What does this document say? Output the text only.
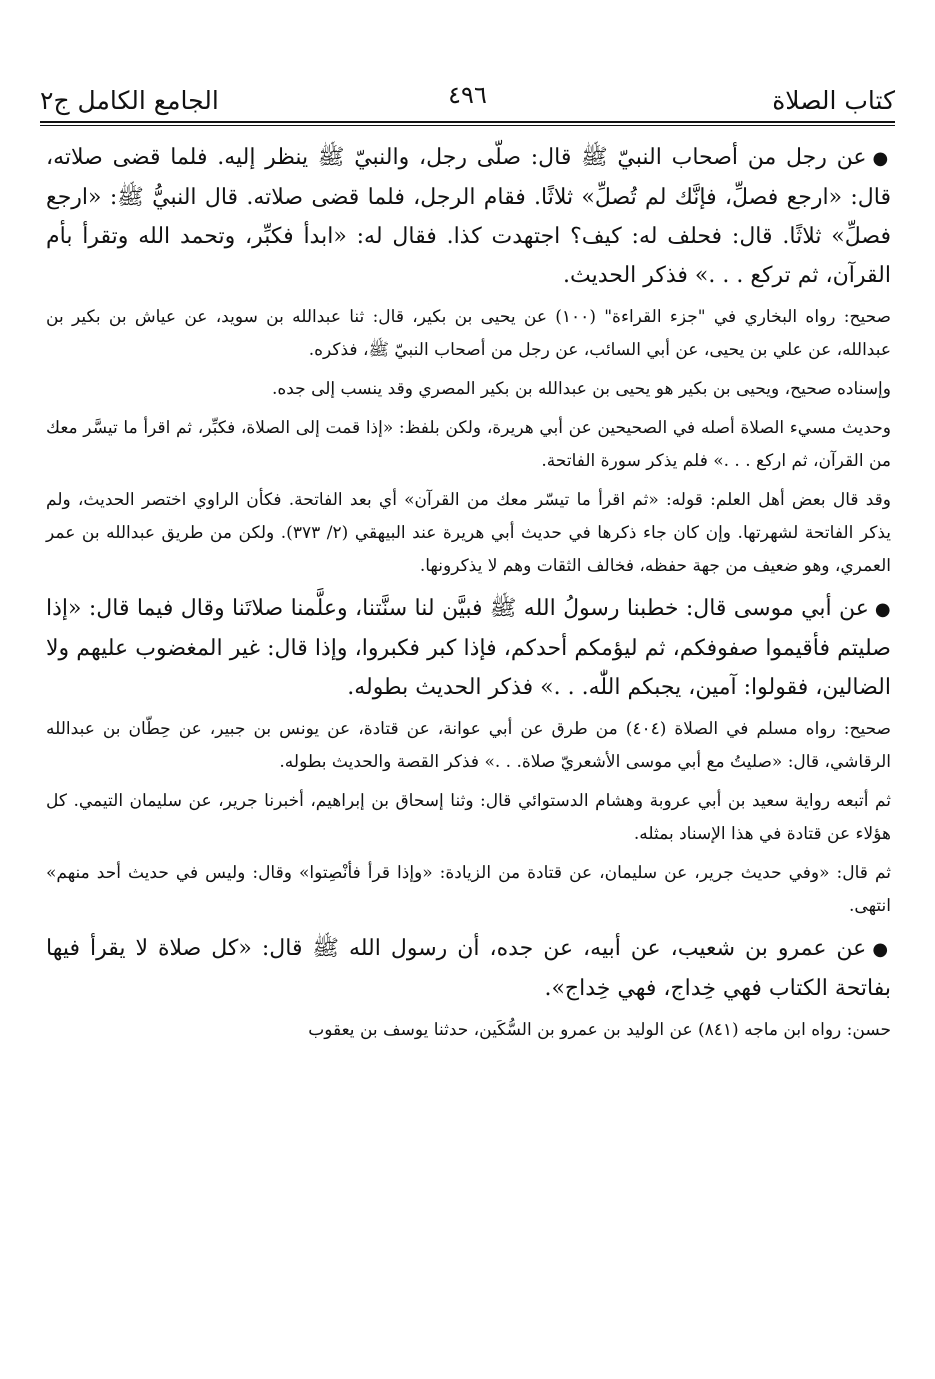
كتاب الصلاة
٤٩٦
الجامع الكامل ج٢

●عن رجل من أصحاب النبيّ ﷺ قال: صلّى رجل، والنبيّ ﷺ ينظر إليه. فلما قضى صلاته، قال: «ارجع فصلِّ، فإنَّك لم تُصلِّ» ثلاثًا. فقام الرجل، فلما قضى صلاته. قال النبيُّ ﷺ: «ارجع فصلِّ» ثلاثًا. قال: فحلف له: كيف؟ اجتهدت كذا. فقال له: «ابدأ فكبِّر، وتحمد الله وتقرأ بأم القرآن، ثم تركع . . .» فذكر الحديث.

صحيح: رواه البخاري في "جزء القراءة" (١٠٠) عن يحيى بن بكير، قال: ثنا عبدالله بن سويد، عن عياش بن بكير بن عبدالله، عن علي بن يحيى، عن أبي السائب، عن رجل من أصحاب النبيّ ﷺ، فذكره.

وإسناده صحيح، ويحيى بن بكير هو يحيى بن عبدالله بن بكير المصري وقد ينسب إلى جده.

وحديث مسيء الصلاة أصله في الصحيحين عن أبي هريرة، ولكن بلفظ: «إذا قمت إلى الصلاة، فكبِّر، ثم اقرأ ما تيسَّر معك من القرآن، ثم اركع . . .» فلم يذكر سورة الفاتحة.

وقد قال بعض أهل العلم: قوله: «ثم اقرأ ما تيسّر معك من القرآن» أي بعد الفاتحة. فكأن الراوي اختصر الحديث، ولم يذكر الفاتحة لشهرتها. وإن كان جاء ذكرها في حديث أبي هريرة عند البيهقي (٢/ ٣٧٣). ولكن من طريق عبدالله بن عمر العمري، وهو ضعيف من جهة حفظه، فخالف الثقات وهم لا يذكرونها.

●عن أبي موسى قال: خطبنا رسولُ الله ﷺ فبيَّن لنا سنَّتنا، وعلَّمنا صلاتَنا وقال فيما قال: «إذا صليتم فأقيموا صفوفكم، ثم ليؤمكم أحدكم، فإذا كبر فكبروا، وإذا قال: غير المغضوب عليهم ولا الضالين، فقولوا: آمين، يجبكم اللّٰه. . .» فذكر الحديث بطوله.

صحيح: رواه مسلم في الصلاة (٤٠٤) من طرق عن أبي عوانة، عن قتادة، عن يونس بن جبير، عن حِطّان بن عبدالله الرقاشي، قال: «صليتُ مع أبي موسى الأشعريّ صلاة. . .» فذكر القصة والحديث بطوله.

ثم أتبعه رواية سعيد بن أبي عروبة وهشام الدستوائي قال: وثنا إسحاق بن إبراهيم، أخبرنا جرير، عن سليمان التيمي. كل هؤلاء عن قتادة في هذا الإسناد بمثله.

ثم قال: «وفي حديث جرير، عن سليمان، عن قتادة من الزيادة: «وإذا قرأ فأنْصِتوا» وقال: وليس في حديث أحد منهم» انتهى.

●عن عمرو بن شعيب، عن أبيه، عن جده، أن رسول الله ﷺ قال: «كل صلاة لا يقرأ فيها بفاتحة الكتاب فهي خِداج، فهي خِداج».

حسن: رواه ابن ماجه (٨٤١) عن الوليد بن عمرو بن السُّكَين، حدثنا يوسف بن يعقوب
